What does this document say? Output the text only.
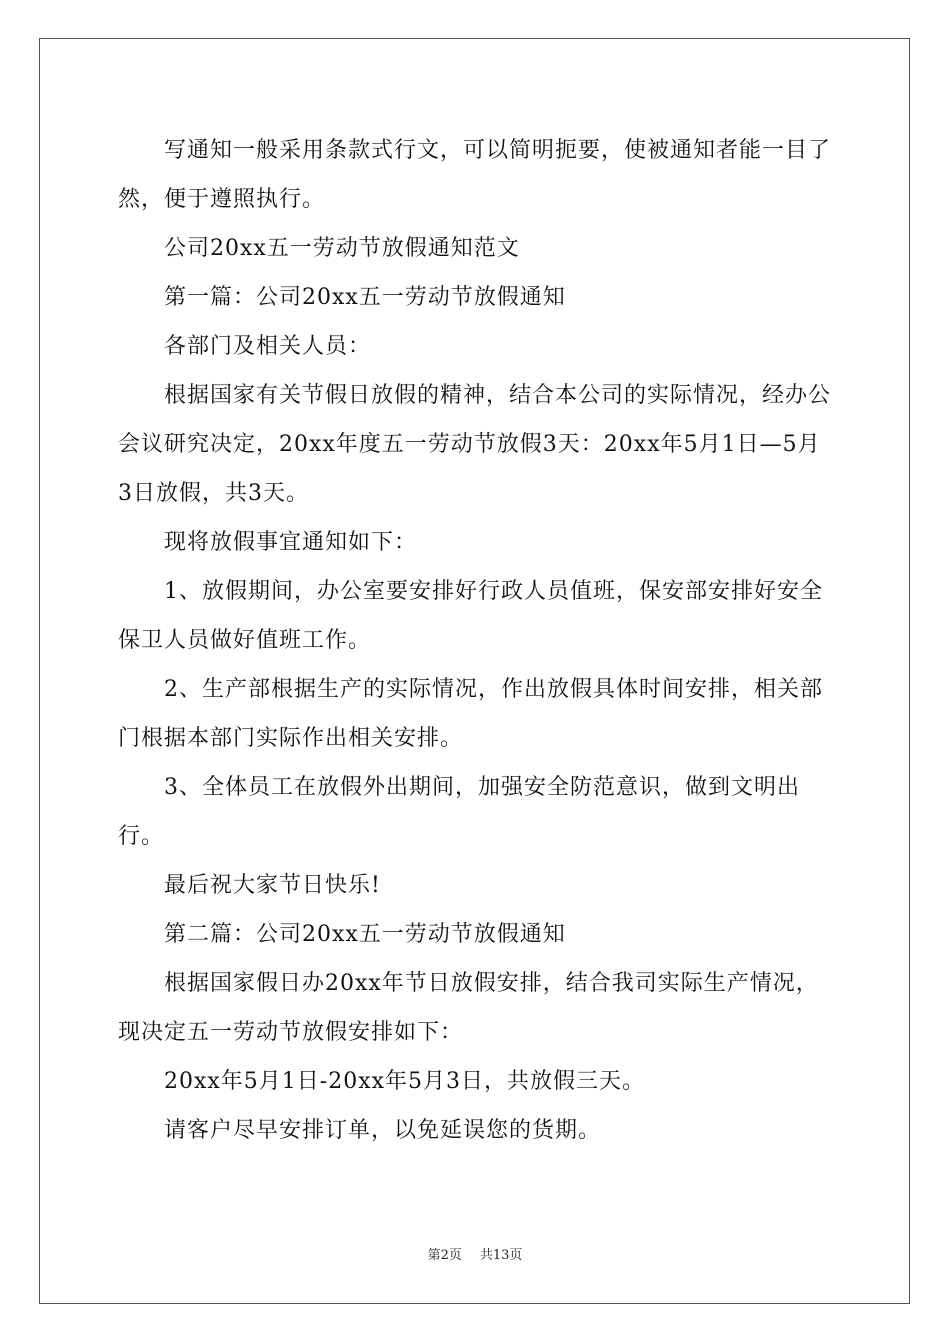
写通知一般采用条款式行文，可以简明扼要，使被通知者能一目了然，便于遵照执行。

公司20xx五一劳动节放假通知范文

第一篇：公司20xx五一劳动节放假通知

各部门及相关人员：

根据国家有关节假日放假的精神，结合本公司的实际情况，经办公会议研究决定，20xx年度五一劳动节放假3天：20xx年5月1日—5月3日放假，共3天。

现将放假事宜通知如下：

1、放假期间，办公室要安排好行政人员值班，保安部安排好安全保卫人员做好值班工作。

2、生产部根据生产的实际情况，作出放假具体时间安排，相关部门根据本部门实际作出相关安排。

3、全体员工在放假外出期间，加强安全防范意识，做到文明出行。

最后祝大家节日快乐!

第二篇：公司20xx五一劳动节放假通知

根据国家假日办20xx年节日放假安排，结合我司实际生产情况，现决定五一劳动节放假安排如下：

20xx年5月1日-20xx年5月3日，共放假三天。

请客户尽早安排订单，以免延误您的货期。

第2页 共13页
